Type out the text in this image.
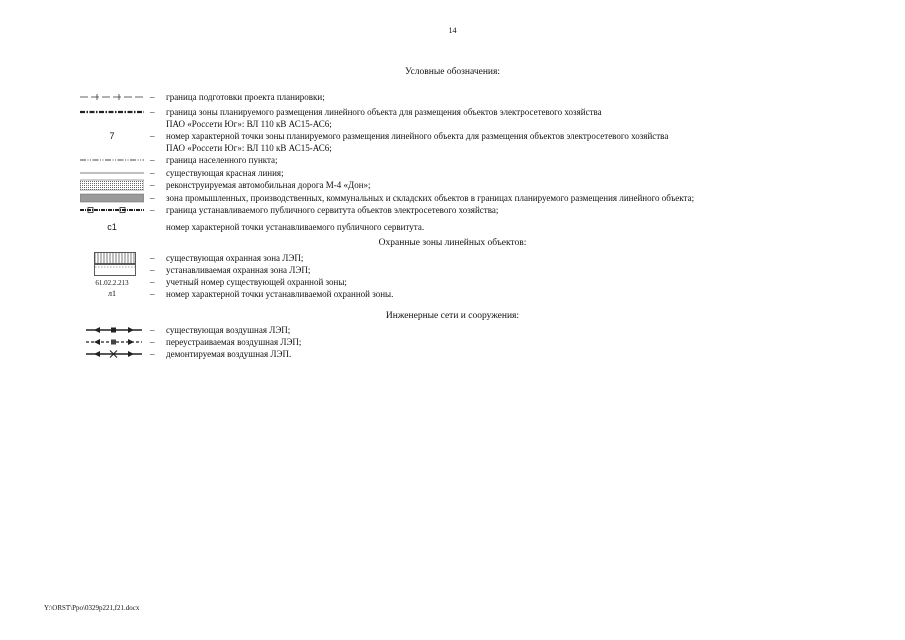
14
Условные обозначения:
– граница подготовки проекта планировки;
– граница зоны планируемого размещения линейного объекта для размещения объектов электросетевого хозяйства
ПАО «Россети Юг»: ВЛ 110 кВ АС15-АС6;
7	– номер характерной точки зоны планируемого размещения линейного объекта для размещения объектов электросетевого хозяйства
ПАО «Россети Юг»: ВЛ 110 кВ АС15-АС6;
– граница населенного пункта;
– существующая красная линия;
– реконструируемая автомобильная дорога М-4 «Дон»;
– зона промышленных, производственных, коммунальных и складских объектов в границах планируемого размещения линейного объекта;
– граница устанавливаемого публичного сервитута объектов электросетевого хозяйства;
с1	номер характерной точки устанавливаемого публичного сервитута.
Охранные зоны линейных объектов:
– существующая охранная зона ЛЭП;
– устанавливаемая охранная зона ЛЭП;
61.02.2.213	– учетный номер существующей охранной зоны;
л1	– номер характерной точки устанавливаемой охранной зоны.
Инженерные сети и сооружения:
– существующая воздушная ЛЭП;
– переустраиваемая воздушная ЛЭП;
– демонтируемая воздушная ЛЭП.
Y:\ORST\Ppo\0329p221,f21.docx
